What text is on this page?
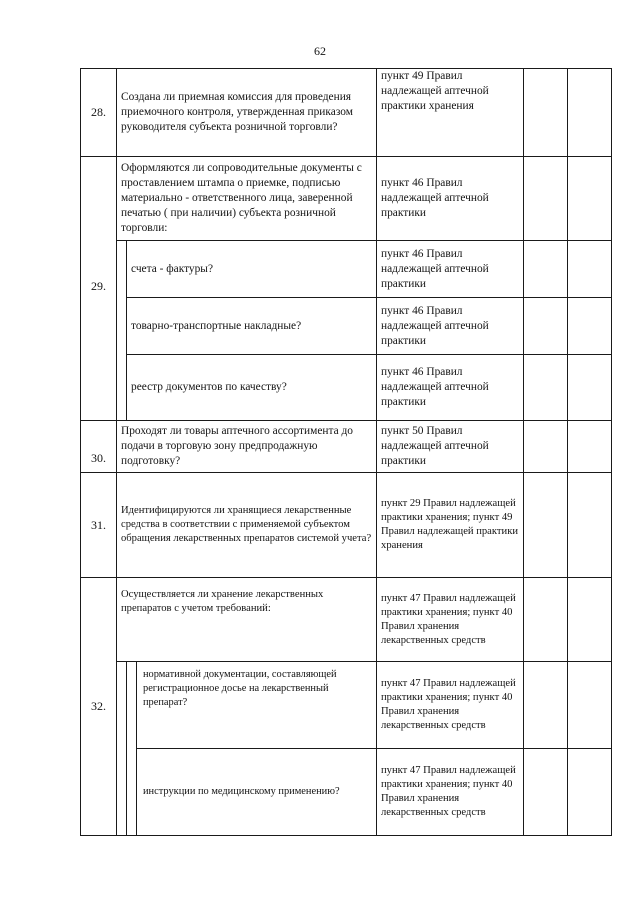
62
28.	Создана ли приемная комиссия для проведения приемочного контроля, утвержденная приказом руководителя субъекта розничной торговли?			пункт 49 Правил надлежащей аптечной практики хранения		
29.	Оформляются ли сопроводительные документы с проставлением штампа о приемке, подписью материально - ответственного лица, заверенной печатью ( при наличии) субъекта розничной торговли:			пункт 46 Правил надлежащей аптечной практики		
		счета - фактуры?		пункт 46 Правил надлежащей аптечной практики		
		товарно-транспортные накладные?		пункт 46 Правил надлежащей аптечной практики		
		реестр документов по качеству?		пункт 46 Правил надлежащей аптечной практики		
30.	Проходят ли товары аптечного ассортимента до подачи в торговую зону предпродажную подготовку?			пункт 50 Правил надлежащей аптечной практики		
31.	Идентифицируются ли хранящиеся лекарственные средства в соответствии с применяемой субъектом обращения лекарственных препаратов системой учета?			пункт 29 Правил надлежащей практики хранения; пункт 49 Правил надлежащей практики хранения		
32.	Осуществляется ли хранение лекарственных препаратов с учетом требований:			пункт 47 Правил надлежащей практики хранения; пункт 40 Правил хранения лекарственных средств		
			нормативной документации, составляющей регистрационное досье на лекарственный препарат?	пункт 47 Правил надлежащей практики хранения; пункт 40 Правил хранения лекарственных средств		
			инструкции по медицинскому применению?	пункт 47 Правил надлежащей практики хранения; пункт 40 Правил хранения лекарственных средств		
